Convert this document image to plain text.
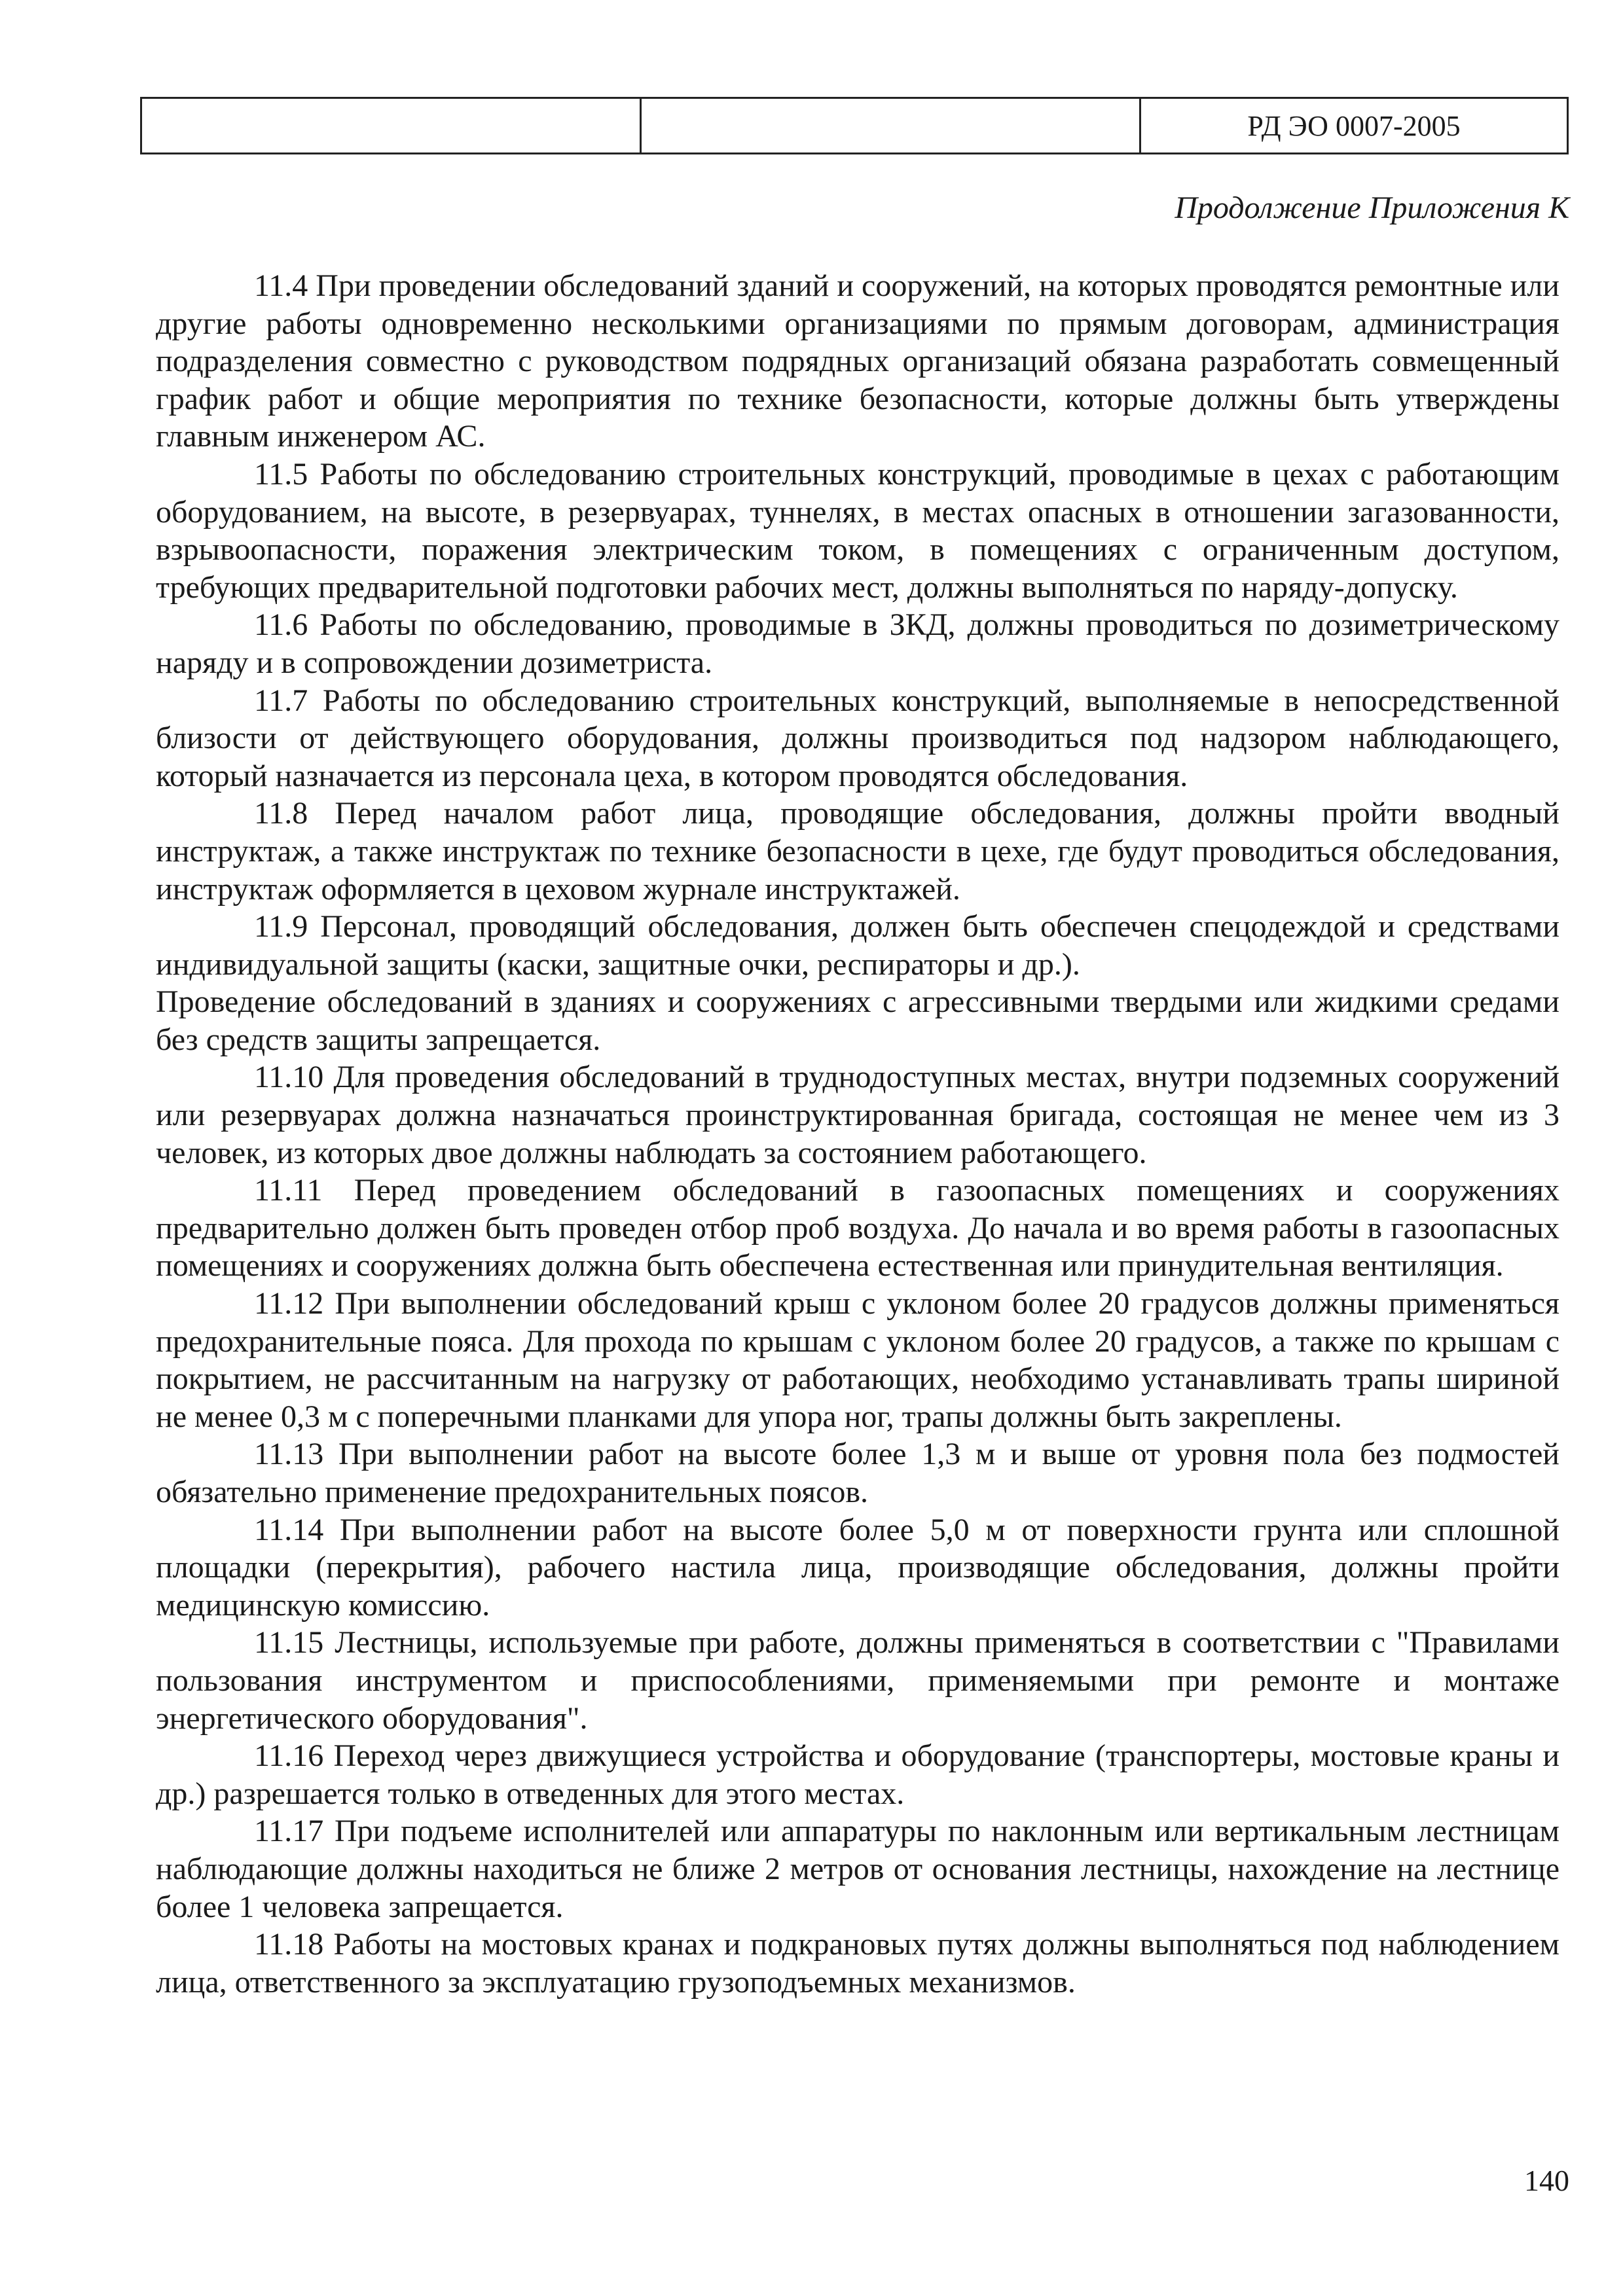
		РД ЭО 0007-2005
Продолжение Приложения К

11.4 При проведении обследований зданий и сооружений, на которых проводятся ремонтные или другие работы одновременно несколькими организациями по прямым договорам, администрация подразделения совместно с руководством подрядных организаций обязана разработать совмещенный график работ и общие мероприятия по технике безопасности, которые должны быть утверждены главным инженером АС.

11.5 Работы по обследованию строительных конструкций, проводимые в цехах с работающим оборудованием, на высоте, в резервуарах, туннелях, в местах опасных в отношении загазованности, взрывоопасности, поражения электрическим током, в помещениях с ограниченным доступом, требующих предварительной подготовки рабочих мест, должны выполняться по наряду-допуску.

11.6 Работы по обследованию, проводимые в ЗКД, должны проводиться по дозиметрическому наряду и в сопровождении дозиметриста.

11.7 Работы по обследованию строительных конструкций, выполняемые в непосредственной близости от действующего оборудования, должны производиться под надзором наблюдающего, который назначается из персонала цеха, в котором проводятся обследования.

11.8 Перед началом работ лица, проводящие обследования, должны пройти вводный инструктаж, а также инструктаж по технике безопасности в цехе, где будут проводиться обследования, инструктаж оформляется в цеховом журнале инструктажей.

11.9 Персонал, проводящий обследования, должен быть обеспечен спецодеждой и средствами индивидуальной защиты (каски, защитные очки, респираторы и др.).

Проведение обследований в зданиях и сооружениях с агрессивными твердыми или жидкими средами без средств защиты запрещается.

11.10 Для проведения обследований в труднодоступных местах, внутри подземных сооружений или резервуарах должна назначаться проинструктированная бригада, состоящая не менее чем из 3 человек, из которых двое должны наблюдать за состоянием работающего.

11.11 Перед проведением обследований в газоопасных помещениях и сооружениях предварительно должен быть проведен отбор проб воздуха. До начала и во время работы в газоопасных помещениях и сооружениях должна быть обеспечена естественная или принудительная вентиляция.

11.12 При выполнении обследований крыш с уклоном более 20 градусов должны применяться предохранительные пояса. Для прохода по крышам с уклоном более 20 градусов, а также по крышам с покрытием, не рассчитанным на нагрузку от работающих, необходимо устанавливать трапы шириной не менее 0,3 м с поперечными планками для упора ног, трапы должны быть закреплены.

11.13 При выполнении работ на высоте более 1,3 м и выше от уровня пола без подмостей обязательно применение предохранительных поясов.

11.14 При выполнении работ на высоте более 5,0 м от поверхности грунта или сплошной площадки (перекрытия), рабочего настила лица, производящие обследования, должны пройти медицинскую комиссию.

11.15 Лестницы, используемые при работе, должны применяться в соответствии с "Правилами пользования инструментом и приспособлениями, применяемыми при ремонте и монтаже энергетического оборудования".

11.16 Переход через движущиеся устройства и оборудование (транспортеры, мостовые краны и др.) разрешается только в отведенных для этого местах.

11.17 При подъеме исполнителей или аппаратуры по наклонным или вертикальным лестницам наблюдающие должны находиться не ближе 2 метров от основания лестницы, нахождение на лестнице более 1 человека запрещается.

11.18 Работы на мостовых кранах и подкрановых путях должны выполняться под наблюдением лица, ответственного за эксплуатацию грузоподъемных механизмов.

140
